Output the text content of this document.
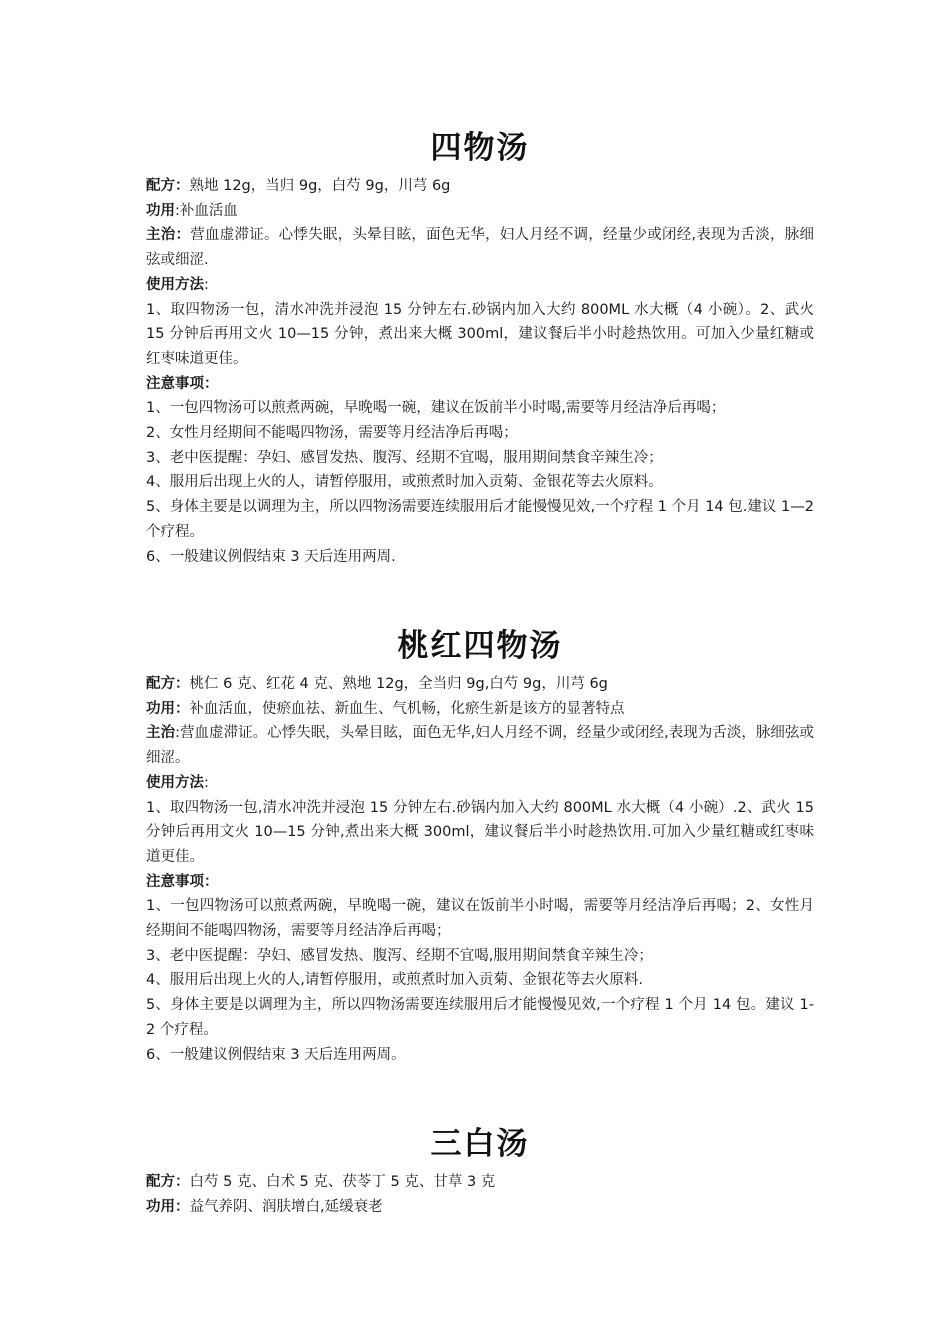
四物汤

配方：熟地 12g，当归 9g，白芍 9g，川芎 6g

功用:补血活血

主治：营血虚滞证。心悸失眠，头晕目眩，面色无华，妇人月经不调，经量少或闭经,表现为舌淡，脉细弦或细涩.

使用方法:

1、取四物汤一包，清水冲洗并浸泡 15 分钟左右.砂锅内加入大约 800ML 水大概（4 小碗）。2、武火 15 分钟后再用文火 10—15 分钟，煮出来大概 300ml，建议餐后半小时趁热饮用。可加入少量红糖或红枣味道更佳。

注意事项：

1、一包四物汤可以煎煮两碗，早晚喝一碗，建议在饭前半小时喝,需要等月经洁净后再喝；

2、女性月经期间不能喝四物汤，需要等月经洁净后再喝；

3、老中医提醒：孕妇、感冒发热、腹泻、经期不宜喝，服用期间禁食辛辣生冷；

4、服用后出现上火的人，请暂停服用，或煎煮时加入贡菊、金银花等去火原料。

5、身体主要是以调理为主，所以四物汤需要连续服用后才能慢慢见效,一个疗程 1 个月 14 包.建议 1—2 个疗程。

6、一般建议例假结束 3 天后连用两周.

桃红四物汤

配方：桃仁 6 克、红花 4 克、熟地 12g，全当归 9g,白芍 9g，川芎 6g

功用：补血活血，使瘀血祛、新血生、气机畅，化瘀生新是该方的显著特点

主治:营血虚滞证。心悸失眠，头晕目眩，面色无华,妇人月经不调，经量少或闭经,表现为舌淡，脉细弦或细涩。

使用方法:

1、取四物汤一包,清水冲洗并浸泡 15 分钟左右.砂锅内加入大约 800ML 水大概（4 小碗）.2、武火 15 分钟后再用文火 10—15 分钟,煮出来大概 300ml，建议餐后半小时趁热饮用.可加入少量红糖或红枣味道更佳。

注意事项：

1、一包四物汤可以煎煮两碗，早晚喝一碗，建议在饭前半小时喝，需要等月经洁净后再喝；2、女性月经期间不能喝四物汤，需要等月经洁净后再喝；

3、老中医提醒：孕妇、感冒发热、腹泻、经期不宜喝,服用期间禁食辛辣生冷；

4、服用后出现上火的人,请暂停服用，或煎煮时加入贡菊、金银花等去火原料.

5、身体主要是以调理为主，所以四物汤需要连续服用后才能慢慢见效,一个疗程 1 个月 14 包。建议 1-2 个疗程。

6、一般建议例假结束 3 天后连用两周。

三白汤

配方：白芍 5 克、白术 5 克、茯苓丁 5 克、甘草 3 克

功用：益气养阴、润肤增白,延缓衰老
